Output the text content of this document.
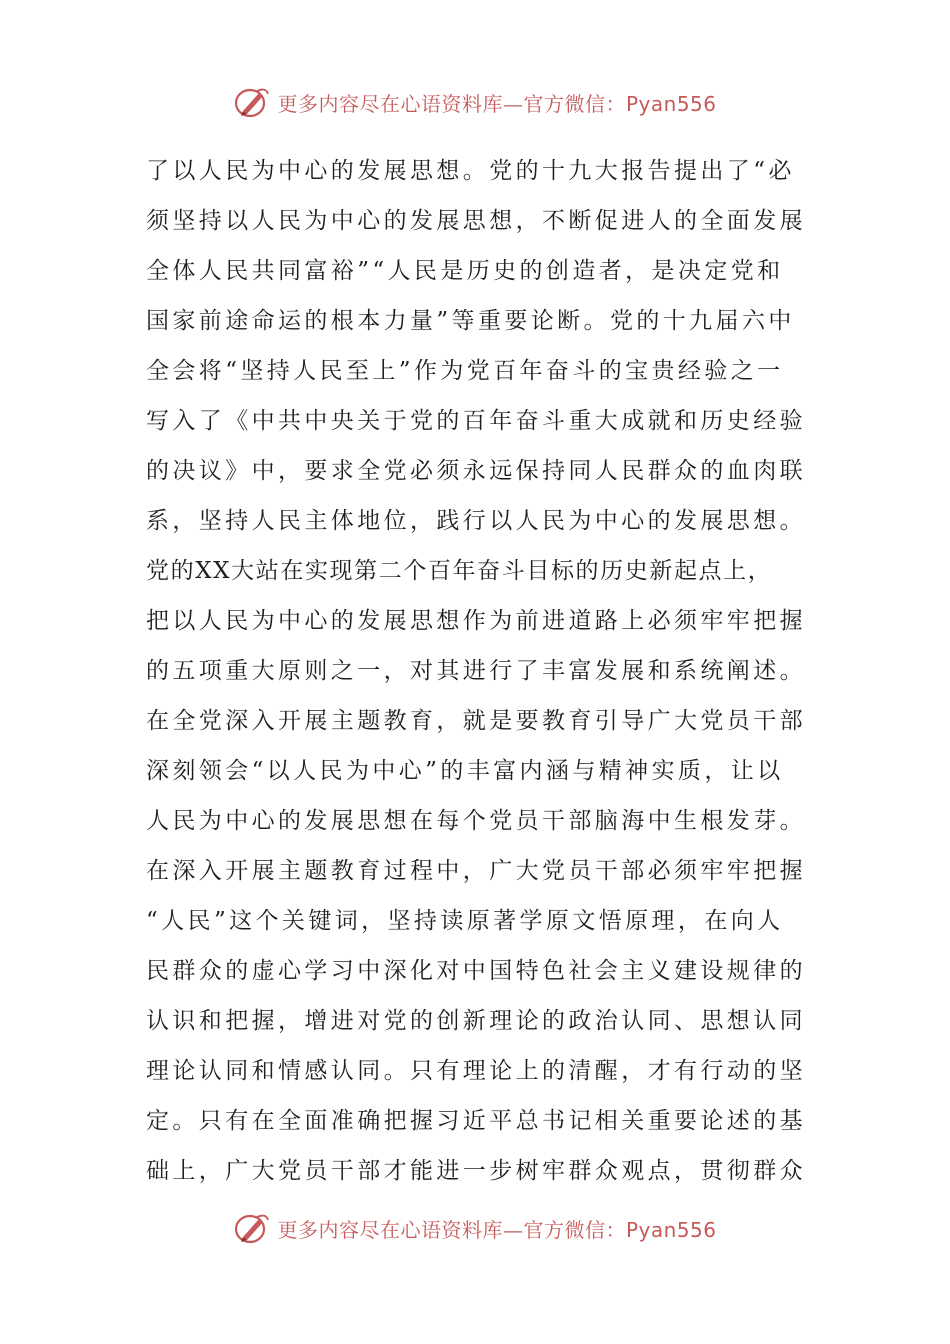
更多内容尽在心语资料库—官方微信：Pyan556
了以人民为中心的发展思想。党的十九大报告提出了“必
须坚持以人民为中心的发展思想，不断促进人的全面发展
全体人民共同富裕”“人民是历史的创造者，是决定党和
国家前途命运的根本力量”等重要论断。党的十九届六中
全会将“坚持人民至上”作为党百年奋斗的宝贵经验之一
写入了《中共中央关于党的百年奋斗重大成就和历史经验
的决议》中，要求全党必须永远保持同人民群众的血肉联
系，坚持人民主体地位，践行以人民为中心的发展思想。
党的XX大站在实现第二个百年奋斗目标的历史新起点上，
把以人民为中心的发展思想作为前进道路上必须牢牢把握
的五项重大原则之一，对其进行了丰富发展和系统阐述。
在全党深入开展主题教育，就是要教育引导广大党员干部
深刻领会“以人民为中心”的丰富内涵与精神实质，让以
人民为中心的发展思想在每个党员干部脑海中生根发芽。
在深入开展主题教育过程中，广大党员干部必须牢牢把握
“人民”这个关键词，坚持读原著学原文悟原理，在向人
民群众的虚心学习中深化对中国特色社会主义建设规律的
认识和把握，增进对党的创新理论的政治认同、思想认同
理论认同和情感认同。只有理论上的清醒，才有行动的坚
定。只有在全面准确把握习近平总书记相关重要论述的基
础上，广大党员干部才能进一步树牢群众观点，贯彻群众
更多内容尽在心语资料库—官方微信：Pyan556
